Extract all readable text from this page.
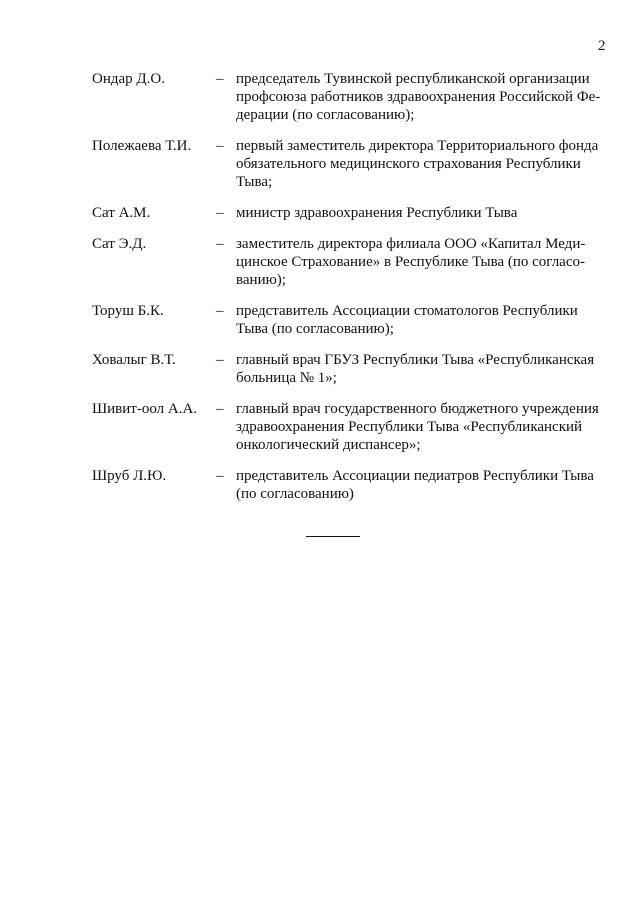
2
Ондар Д.О.	– председатель Тувинской республиканской организации
профсоюза работников здравоохранения Российской Фе-
дерации (по согласованию);
Полежаева Т.И.	– первый заместитель директора Территориального фонда
обязательного медицинского страхования Республики
Тыва;
Сат А.М.	– министр здравоохранения Республики Тыва
Сат Э.Д.	– заместитель директора филиала ООО «Капитал Меди-
цинское Страхование» в Республике Тыва (по согласо-
ванию);
Торуш Б.К.	– представитель Ассоциации стоматологов Республики
Тыва (по согласованию);
Ховалыг В.Т.	– главный врач ГБУЗ Республики Тыва «Республиканская
больница № 1»;
Шивит-оол А.А.	– главный врач государственного бюджетного учреждения
здравоохранения Республики Тыва «Республиканский
онкологический диспансер»;
Шруб Л.Ю.	– представитель Ассоциации педиатров Республики Тыва
(по согласованию)
